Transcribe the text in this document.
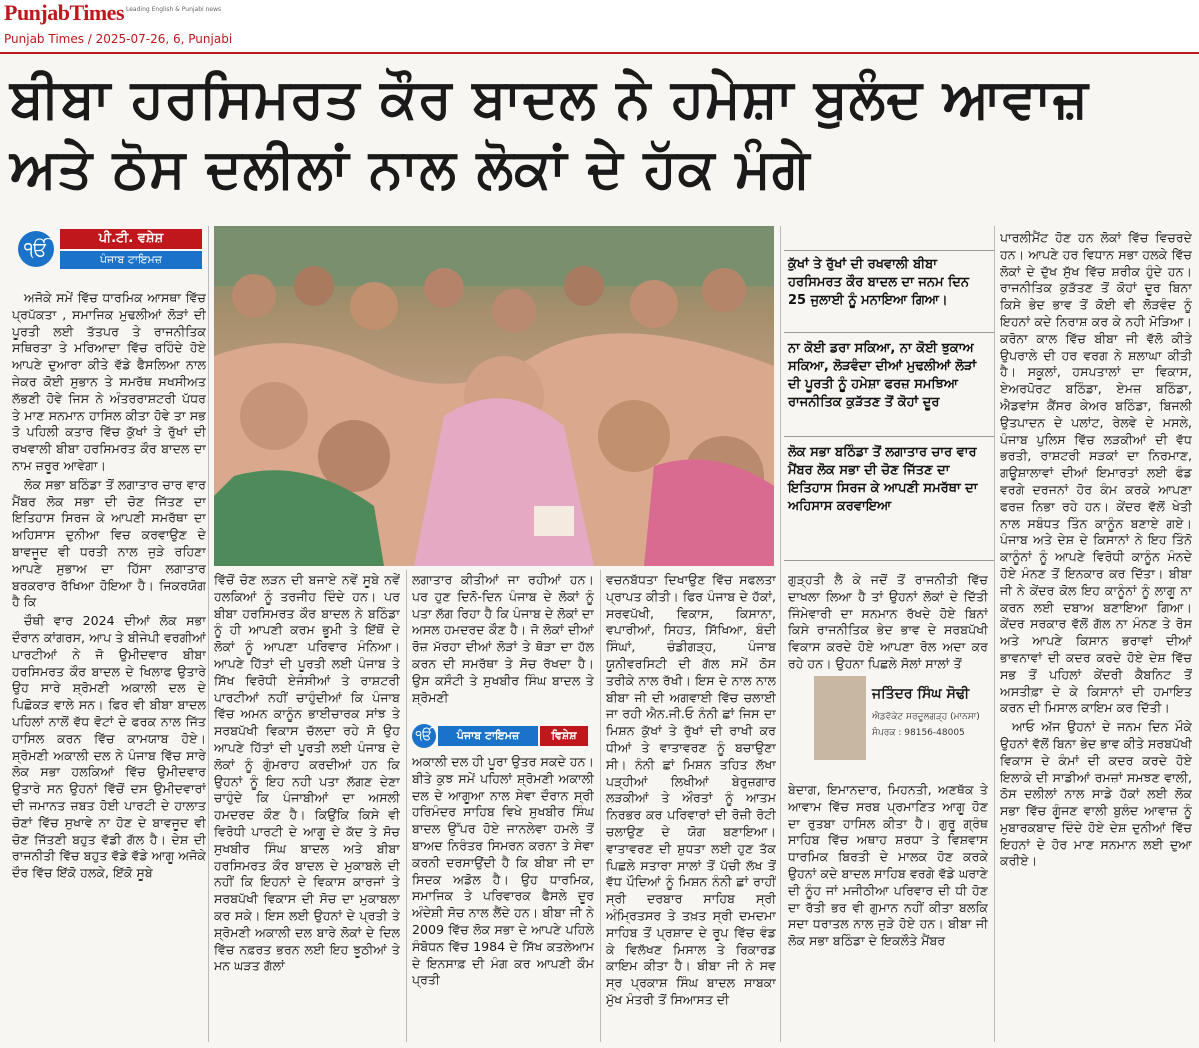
PunjabTimes Leading English & Punjabi news
Punjab Times / 2025-07-26, 6, Punjabi
ਬੀਬਾ ਹਰਸਿਮਰਤ ਕੌਰ ਬਾਦਲ ਨੇ ਹਮੇਸ਼ਾ ਬੁਲੰਦ ਆਵਾਜ਼ ਅਤੇ ਠੋਸ ਦਲੀਲਾਂ ਨਾਲ ਲੋਕਾਂ ਦੇ ਹੱਕ ਮੰਗੇ
ੴ	ਪੀ.ਟੀ. ਵਸ਼ੇਸ਼
ਪੰਜਾਬ ਟਾਇਮਜ਼

ਅਜੋਕੇ ਸਮੇਂ ਵਿੱਚ ਧਾਰਮਿਕ ਆਸਥਾ ਵਿੱਚ ਪ੍ਰਪੱਕਤਾ , ਸਮਾਜਿਕ ਮੁਢਲੀਆਂ ਲੋੜਾਂ ਦੀ ਪੂਰਤੀ ਲਈ ਤੱਤਪਰ ਤੇ ਰਾਜਨੀਤਿਕ ਸਥਿਰਤਾ ਤੇ ਮਰਿਆਦਾ ਵਿੱਚ ਰਹਿੰਦੇ ਹੋਏ ਆਪਣੇ ਦੁਆਰਾ ਕੀਤੇ ਵੱਡੇ ਫੈਸਲਿਆ ਨਾਲ ਜੇਕਰ ਕੋਈ ਸੁਭਾਨ ਤੇ ਸਮਰੱਥ ਸਖਸੀਅਤ ਲੱਭਣੀ ਹੋਵੇ ਜਿਸ ਨੇ ਅੰਤਰਰਾਸ਼ਟਰੀ ਪੱਧਰ ਤੇ ਮਾਣ ਸਨਮਾਨ ਹਾਸਿਲ ਕੀਤਾ ਹੋਵੇ ਤਾ ਸਭ ਤੋ ਪਹਿਲੀ ਕਤਾਰ ਵਿੱਚ ਕੁੱਖਾਂ ਤੇ ਰੁੱਖਾਂ ਦੀ ਰਖਵਾਲੀ ਬੀਬਾ ਹਰਸਿਮਰਤ ਕੌਰ ਬਾਦਲ ਦਾ ਨਾਮ ਜ਼ਰੂਰ ਆਵੇਗਾ।

ਲੋਕ ਸਭਾ ਬਠਿੰਡਾ ਤੋਂ ਲਗਾਤਾਰ ਚਾਰ ਵਾਰ ਮੈਂਬਰ ਲੋਕ ਸਭਾ ਦੀ ਚੋਣ ਜਿੱਤਣ ਦਾ ਇਤਿਹਾਸ ਸਿਰਜ ਕੇ ਆਪਣੀ ਸਮਰੱਥਾ ਦਾ ਅਹਿਸਾਸ ਦੁਨੀਆ ਵਿਚ ਕਰਵਾਉਣ ਦੇ ਬਾਵਜੂਦ ਵੀ ਧਰਤੀ ਨਾਲ ਜੁੜੇ ਰਹਿਣਾ ਆਪਣੇ ਸੁਭਾਅ ਦਾ ਹਿੱਸਾ ਲਗਾਤਾਰ ਬਰਕਰਾਰ ਰੱਖਿਆ ਹੋਇਆ ਹੈ। ਜਿਕਰਯੋਗ ਹੈ ਕਿ

ਚੌਥੀ ਵਾਰ 2024 ਦੀਆਂ ਲੋਕ ਸਭਾ ਦੌਰਾਨ ਕਾਂਗਰਸ, ਆਪ ਤੇ ਬੀਜੇਪੀ ਵਰਗੀਆਂ ਪਾਰਟੀਆਂ ਨੇ ਜੋ ਉਮੀਦਵਾਰ ਬੀਬਾ ਹਰਸਿਮਰਤ ਕੌਰ ਬਾਦਲ ਦੇ ਖਿਲਾਫ ਉਤਾਰੇ ਉਹ ਸਾਰੇ ਸ਼੍ਰੋਮਣੀ ਅਕਾਲੀ ਦਲ ਦੇ ਪਿਛੋਕੜ ਵਾਲੇ ਸਨ। ਫਿਰ ਵੀ ਬੀਬਾ ਬਾਦਲ ਪਹਿਲਾਂ ਨਾਲੋਂ ਵੱਧ ਵੋਟਾਂ ਦੇ ਫਰਕ ਨਾਲ ਜਿੱਤ ਹਾਸਿਲ ਕਰਨ ਵਿੱਚ ਕਾਮਯਾਬ ਹੋਏ। ਸ਼੍ਰੋਮਣੀ ਅਕਾਲੀ ਦਲ ਨੇ ਪੰਜਾਬ ਵਿੱਚ ਸਾਰੇ ਲੋਕ ਸਭਾ ਹਲਕਿਆਂ ਵਿੱਚ ਉਮੀਦਵਾਰ ਉਤਾਰੇ ਸਨ ਉਹਨਾਂ ਵਿੱਚੋਂ ਦਸ ਉਮੀਦਵਾਰਾਂ ਦੀ ਜਮਾਨਤ ਜ਼ਬਤ ਹੋਈ ਪਾਰਟੀ ਦੇ ਹਾਲਾਤ ਚੋਣਾਂ ਵਿੱਚ ਸੁਖਾਵੇ ਨਾ ਹੋਣ ਦੇ ਬਾਵਜੂਦ ਵੀ ਚੋਣ ਜਿੱਤਣੀ ਬਹੁਤ ਵੱਡੀ ਗੱਲ ਹੈ। ਦੇਸ਼ ਦੀ ਰਾਜਨੀਤੀ ਵਿੱਚ ਬਹੁਤ ਵੱਡੇ ਵੱਡੇ ਆਗੂ ਅਜੋਕੇ ਦੌਰ ਵਿੱਚ ਇੱਕੋ ਹਲਕੇ, ਇੱਕੋ ਸੂਬੇ

ਵਿੱਚੋਂ ਚੋਣ ਲੜਨ ਦੀ ਬਜਾਏ ਨਵੇਂ ਸੂਬੇ ਨਵੇਂ ਹਲਕਿਆਂ ਨੂੰ ਤਰਜੀਹ ਦਿੰਦੇ ਹਨ। ਪਰ ਬੀਬਾ ਹਰਸਿਮਰਤ ਕੌਰ ਬਾਦਲ ਨੇ ਬਠਿੰਡਾ ਨੂੰ ਹੀ ਆਪਣੀ ਕਰਮ ਭੂਮੀ ਤੇ ਇੱਥੋਂ ਦੇ ਲੋਕਾਂ ਨੂੰ ਆਪਣਾ ਪਰਿਵਾਰ ਮੰਨਿਆ। ਆਪਣੇ ਹਿੱਤਾਂ ਦੀ ਪੂਰਤੀ ਲਈ ਪੰਜਾਬ ਤੇ ਸਿੱਖ ਵਿਰੋਧੀ ਏਜੰਸੀਆਂ ਤੇ ਰਾਸ਼ਟਰੀ ਪਾਰਟੀਆਂ ਨਹੀਂ ਚਾਹੁੰਦੀਆਂ ਕਿ ਪੰਜਾਬ ਵਿੱਚ ਅਮਨ ਕਾਨੂੰਨ ਭਾਈਚਾਰਕ ਸਾਂਝ ਤੇ ਸਰਬਪੱਖੀ ਵਿਕਾਸ ਚੱਲਦਾ ਰਹੇ ਸੋ ਉਹ ਆਪਣੇ ਹਿੱਤਾਂ ਦੀ ਪੂਰਤੀ ਲਈ ਪੰਜਾਬ ਦੇ ਲੋਕਾਂ ਨੂੰ ਗੁੰਮਰਾਹ ਕਰਦੀਆਂ ਹਨ ਕਿ ਉਹਨਾਂ ਨੂੰ ਇਹ ਨਹੀ ਪਤਾ ਲੱਗਣ ਦੇਣਾ ਚਾਹੁੰਦੇ ਕਿ ਪੰਜਾਬੀਆਂ ਦਾ ਅਸਲੀ ਹਮਦਰਦ ਕੌਣ ਹੈ। ਕਿਉਂਕਿ ਕਿਸੇ ਵੀ ਵਿਰੋਧੀ ਪਾਰਟੀ ਦੇ ਆਗੂ ਦੇ ਕੱਦ ਤੇ ਸੋਚ ਸੁਖਬੀਰ ਸਿੰਘ ਬਾਦਲ ਅਤੇ ਬੀਬਾ ਹਰਸਿਮਰਤ ਕੌਰ ਬਾਦਲ ਦੇ ਮੁਕਾਬਲੇ ਦੀ ਨਹੀਂ ਕਿ ਇਹਨਾਂ ਦੇ ਵਿਕਾਸ ਕਾਰਜਾਂ ਤੇ ਸਰਬਪੱਖੀ ਵਿਕਾਸ ਦੀ ਸੋਚ ਦਾ ਮੁਕਾਬਲਾ ਕਰ ਸਕੇ। ਇਸ ਲਈ ਉਹਨਾਂ ਦੇ ਪ੍ਰਤੀ ਤੇ ਸ਼੍ਰੋਮਣੀ ਅਕਾਲੀ ਦਲ ਬਾਰੇ ਲੋਕਾਂ ਦੇ ਦਿਲ ਵਿੱਚ ਨਫ਼ਰਤ ਭਰਨ ਲਈ ਇਹ ਝੂਠੀਆਂ ਤੇ ਮਨ ਘੜਤ ਗੱਲਾਂ

ਲਗਾਤਾਰ ਕੀਤੀਆਂ ਜਾ ਰਹੀਆਂ ਹਨ। ਪਰ ਹੁਣ ਦਿਨੋ-ਦਿਨ ਪੰਜਾਬ ਦੇ ਲੋਕਾਂ ਨੂੰ ਪਤਾ ਲੱਗ ਰਿਹਾ ਹੈ ਕਿ ਪੰਜਾਬ ਦੇ ਲੋਕਾਂ ਦਾ ਅਸਲ ਹਮਦਰਦ ਕੌਣ ਹੈ। ਜੋ ਲੋਕਾਂ ਦੀਆਂ ਰੋਜ਼ ਮੱਰਹਾ ਦੀਆਂ ਲੋੜਾਂ ਤੇ ਥੋੜਾ ਦਾ ਹੱਲ ਕਰਨ ਦੀ ਸਮਰੱਥਾ ਤੇ ਸੋਚ ਰੱਖਦਾ ਹੈ। ਉਸ ਕਸੌਟੀ ਤੇ ਸੁਖਬੀਰ ਸਿੰਘ ਬਾਦਲ ਤੇ ਸ਼੍ਰੋਮਣੀ

ੴ	ਪੰਜਾਬ ਟਾਇਮਜ਼	ਵਿਸ਼ੇਸ਼

ਅਕਾਲੀ ਦਲ ਹੀ ਪੂਰਾ ਉਤਰ ਸਕਦੇ ਹਨ। ਬੀਤੇ ਕੁਝ ਸਮੇਂ ਪਹਿਲਾਂ ਸ਼੍ਰੋਮਣੀ ਅਕਾਲੀ ਦਲ ਦੇ ਆਗੂਆ ਨਾਲ ਸੇਵਾ ਦੌਰਾਨ ਸ੍ਰੀ ਹਰਿਮੰਦਰ ਸਾਹਿਬ ਵਿਖੇ ਸੁਖਬੀਰ ਸਿੰਘ ਬਾਦਲ ਉੱਪਰ ਹੋਏ ਜਾਨਲੇਵਾ ਹਮਲੇ ਤੋਂ ਬਾਅਦ ਨਿਰੰਤਰ ਸਿਮਰਨ ਕਰਨਾ ਤੇ ਸੇਵਾ ਕਰਨੀ ਦਰਸਾਉਂਦੀ ਹੈ ਕਿ ਬੀਬਾ ਜੀ ਦਾ ਸਿਦਕ ਅਡੋਲ ਹੈ। ਉਹ ਧਾਰਮਿਕ, ਸਮਾਜਿਕ ਤੇ ਪਰਿਵਾਰਕ ਫੈਸਲੇ ਦੂਰ ਅੰਦੇਸ਼ੀ ਸੋਚ ਨਾਲ ਲੈਂਦੇ ਹਨ। ਬੀਬਾ ਜੀ ਨੇ 2009 ਵਿੱਚ ਲੋਕ ਸਭਾ ਦੇ ਆਪਣੇ ਪਹਿਲੇ ਸੰਬੋਧਨ ਵਿੱਚ 1984 ਦੇ ਸਿੱਖ ਕਤਲੇਆਮ ਦੇ ਇਨਸਾਫ਼ ਦੀ ਮੰਗ ਕਰ ਆਪਣੀ ਕੌਮ ਪ੍ਰਤੀ

ਵਚਨਬੱਧਤਾ ਦਿਖਾਉਣ ਵਿੱਚ ਸਫਲਤਾ ਪ੍ਰਾਪਤ ਕੀਤੀ। ਫਿਰ ਪੰਜਾਬ ਦੇ ਹੱਕਾਂ, ਸਰਵਪੱਖੀ, ਵਿਕਾਸ, ਕਿਸਾਨਾ, ਵਪਾਰੀਆਂ, ਸਿਹਤ, ਸਿੱਖਿਆ, ਬੰਦੀ ਸਿੰਘਾਂ, ਚੰਡੀਗੜ੍ਹ, ਪੰਜਾਬ ਯੂਨੀਵਰਸਿਟੀ ਦੀ ਗੱਲ ਸਮੇਂ ਠੋਸ ਤਰੀਕੇ ਨਾਲ ਰੱਖੀ। ਇਸ ਦੇ ਨਾਲ ਨਾਲ ਬੀਬਾ ਜੀ ਦੀ ਅਗਵਾਈ ਵਿੱਚ ਚਲਾਈ ਜਾ ਰਹੀ ਐਨ.ਜੀ.ਓ ਨੰਨੀ ਛਾਂ ਜਿਸ ਦਾ ਮਿਸ਼ਨ ਕੁੱਖਾਂ ਤੇ ਰੁੱਖਾਂ ਦੀ ਰਾਖੀ ਕਰ ਧੀਆਂ ਤੇ ਵਾਤਾਵਰਣ ਨੂੰ ਬਚਾਉਣਾ ਸੀ। ਨੰਨੀ ਛਾਂ ਮਿਸ਼ਨ ਤਹਿਤ ਲੱਖਾ ਪੜ੍ਹੀਆਂ ਲਿਖੀਆਂ ਬੇਰੁਜ਼ਗਾਰ ਲੜਕੀਆਂ ਤੇ ਔਰਤਾਂ ਨੂੰ ਆਤਮ ਨਿਰਭਰ ਕਰ ਪਰਿਵਾਰਾਂ ਦੀ ਰੋਜ਼ੀ ਰੋਟੀ ਚਲਾਉਣ ਦੇ ਯੋਗ ਬਣਾਇਆ। ਵਾਤਾਵਰਣ ਦੀ ਸ਼ੁਧਤਾ ਲਈ ਹੁਣ ਤੱਕ ਪਿਛਲੇ ਸਤਾਰਾ ਸਾਲਾਂ ਤੋਂ ਪੱਚੀ ਲੱਖ ਤੋਂ ਵੱਧ ਪੌਦਿਆਂ ਨੂੰ ਮਿਸ਼ਨ ਨੰਨੀ ਛਾਂ ਰਾਹੀਂ ਸ੍ਰੀ ਦਰਬਾਰ ਸਾਹਿਬ ਸ੍ਰੀ ਅੰਮ੍ਰਿਤਸਰ ਤੇ ਤਖ਼ਤ ਸ੍ਰੀ ਦਮਦਮਾ ਸਾਹਿਬ ਤੋਂ ਪ੍ਰਸ਼ਾਦ ਦੇ ਰੂਪ ਵਿੱਚ ਵੰਡ ਕੇ ਵਿਲੱਖਣ ਮਿਸਾਲ ਤੇ ਰਿਕਾਰਡ ਕਾਇਮ ਕੀਤਾ ਹੈ। ਬੀਬਾ ਜੀ ਨੇ ਸਵ ਸ੍ਰ ਪ੍ਰਕਾਸ਼ ਸਿੰਘ ਬਾਦਲ ਸਾਬਕਾ ਮੁੱਖ ਮੰਤਰੀ ਤੋਂ ਸਿਆਸਤ ਦੀ

ਕੁੱਖਾਂ ਤੇ ਰੁੱਖਾਂ ਦੀ ਰਖਵਾਲੀ ਬੀਬਾ ਹਰਸਿਮਰਤ ਕੌਰ ਬਾਦਲ ਦਾ ਜਨਮ ਦਿਨ 25 ਜੁਲਾਈ ਨੂੰ ਮਨਾਇਆ ਗਿਆ।
ਨਾ ਕੋਈ ਡਰਾ ਸਕਿਆ, ਨਾ ਕੋਈ ਝੁਕਾਅ ਸਕਿਆ, ਲੋੜਵੰਦਾ ਦੀਆਂ ਮੁਢਲੀਆਂ ਲੋੜਾਂ ਦੀ ਪੂਰਤੀ ਨੂੰ ਹਮੇਸ਼ਾ ਫਰਜ਼ ਸਮਝਿਆ ਰਾਜਨੀਤਿਕ ਕੁੜੱਤਣ ਤੋਂ ਕੋਹਾਂ ਦੂਰ
ਲੋਕ ਸਭਾ ਬਠਿੰਡਾ ਤੋਂ ਲਗਾਤਾਰ ਚਾਰ ਵਾਰ ਮੈਂਬਰ ਲੋਕ ਸਭਾ ਦੀ ਚੋਣ ਜਿੱਤਣ ਦਾ ਇਤਿਹਾਸ ਸਿਰਜ ਕੇ ਆਪਣੀ ਸਮਰੱਥਾ ਦਾ ਅਹਿਸਾਸ ਕਰਵਾਇਆ

ਗੁੜ੍ਹਤੀ ਲੈ ਕੇ ਜਦੋਂ ਤੋਂ ਰਾਜਨੀਤੀ ਵਿੱਚ ਦਾਖਲਾ ਲਿਆ ਹੈ ਤਾਂ ਉਹਨਾਂ ਲੋਕਾਂ ਦੇ ਦਿੱਤੀ ਜਿੰਮੇਵਾਰੀ ਦਾ ਸਨਮਾਨ ਰੱਖਦੇ ਹੋਏ ਬਿਨਾਂ ਕਿਸੇ ਰਾਜਨੀਤਿਕ ਭੇਦ ਭਾਵ ਦੇ ਸਰਬਪੱਖੀ ਵਿਕਾਸ ਕਰਦੇ ਹੋਏ ਆਪਣਾ ਰੋਲ ਅਦਾ ਕਰ ਰਹੇ ਹਨ। ਉਹਨਾ ਪਿਛਲੇ ਸੋਲਾਂ ਸਾਲਾਂ ਤੋਂ

ਜਤਿੰਦਰ ਸਿੰਘ ਸੋਢੀ
ਐਡਵੋਕੇਟ ਸਰਦੂਲਗੜ੍ਹ (ਮਾਨਸਾ)
ਸੰਪਰਕ : 98156-48005

ਬੇਦਾਗ, ਇਮਾਨਦਾਰ, ਮਿਹਨਤੀ, ਅਣਥੱਕ ਤੇ ਆਵਾਮ ਵਿੱਚ ਸਰਬ ਪ੍ਰਮਾਣਿਤ ਆਗੂ ਹੋਣ ਦਾ ਰੁਤਬਾ ਹਾਸਿਲ ਕੀਤਾ ਹੈ। ਗੁਰੂ ਗ੍ਰੰਥ ਸਾਹਿਬ ਵਿੱਚ ਅਥਾਹ ਸ਼ਰਧਾ ਤੇ ਵਿਸ਼ਵਾਸ ਧਾਰਮਿਕ ਬਿਰਤੀ ਦੇ ਮਾਲਕ ਹੋਣ ਕਰਕੇ ਉਹਨਾਂ ਕਦੇ ਬਾਦਲ ਸਾਹਿਬ ਵਰਗੇ ਵੱਡੇ ਘਰਾਣੇ ਦੀ ਨੂੰਹ ਜਾਂ ਮਜੀਠੀਆ ਪਰਿਵਾਰ ਦੀ ਧੀ ਹੋਣ ਦਾ ਰੱਤੀ ਭਰ ਵੀ ਗੁਮਾਨ ਨਹੀਂ ਕੀਤਾ ਬਲਕਿ ਸਦਾ ਧਰਾਤਲ ਨਾਲ ਜੁੜੇ ਹੋਏ ਹਨ। ਬੀਬਾ ਜੀ ਲੋਕ ਸਭਾ ਬਠਿੰਡਾ ਦੇ ਇਕਲੌਤੇ ਮੈਂਬਰ

ਪਾਰਲੀਮੈਂਟ ਹੋਣ ਹਨ ਲੋਕਾਂ ਵਿੱਚ ਵਿਚਰਦੇ ਹਨ। ਆਪਣੇ ਹਰ ਵਿਧਾਨ ਸਭਾ ਹਲਕੇ ਵਿੱਚ ਲੋਕਾਂ ਦੇ ਦੁੱਖ ਸੁੱਖ ਵਿੱਚ ਸ਼ਰੀਕ ਹੁੰਦੇ ਹਨ। ਰਾਜਨੀਤਿਕ ਕੁੜੱਤਣ ਤੋਂ ਕੋਹਾਂ ਦੂਰ ਬਿਨਾ ਕਿਸੇ ਭੇਦ ਭਾਵ ਤੋਂ ਕੋਈ ਵੀ ਲੋੜਵੰਦ ਨੂੰ ਇਹਨਾਂ ਕਦੇ ਨਿਰਾਸ਼ ਕਰ ਕੇ ਨਹੀ ਮੋੜਿਆ। ਕਰੋਨਾ ਕਾਲ ਵਿੱਚ ਬੀਬਾ ਜੀ ਵੱਲੋ ਕੀਤੇ ਉਪਰਾਲੇ ਦੀ ਹਰ ਵਰਗ ਨੇ ਸ਼ਲਾਘਾ ਕੀਤੀ ਹੈ। ਸਕੂਲਾਂ, ਹਸਪਤਾਲਾਂ ਦਾ ਵਿਕਾਸ, ਏਅਰਪੋਰਟ ਬਠਿੰਡਾ, ਏਮਜ਼ ਬਠਿੰਡਾ, ਐਡਵਾਂਸ ਕੈਂਸਰ ਕੇਅਰ ਬਠਿੰਡਾ, ਬਿਜਲੀ ਉਤਪਾਦਨ ਦੇ ਪਲਾਂਟ, ਰੇਲਵੇ ਦੇ ਮਸਲੇ, ਪੰਜਾਬ ਪੁਲਿਸ ਵਿੱਚ ਲੜਕੀਆਂ ਦੀ ਵੱਧ ਭਰਤੀ, ਰਾਸ਼ਟਰੀ ਸੜਕਾਂ ਦਾ ਨਿਰਮਾਣ, ਗਊਸ਼ਾਲਾਵਾਂ ਦੀਆਂ ਇਮਾਰਤਾਂ ਲਈ ਫੰਡ ਵਰਗੇ ਦਰਜਨਾਂ ਹੋਰ ਕੰਮ ਕਰਕੇ ਆਪਣਾ ਫਰਜ਼ ਨਿਭਾ ਰਹੇ ਹਨ। ਕੇਂਦਰ ਵੱਲੋਂ ਖੇਤੀ ਨਾਲ ਸਬੰਧਤ ਤਿੰਨ ਕਾਨੂੰਨ ਬਣਾਏ ਗਏ। ਪੰਜਾਬ ਅਤੇ ਦੇਸ਼ ਦੇ ਕਿਸਾਨਾਂ ਨੇ ਇਹ ਤਿੰਨੋ ਕਾਨੂੰਨਾਂ ਨੂੰ ਆਪਣੇ ਵਿਰੋਧੀ ਕਾਨੂੰਨ ਮੰਨਦੇ ਹੋਏ ਮੰਨਣ ਤੋਂ ਇਨਕਾਰ ਕਰ ਦਿੱਤਾ। ਬੀਬਾ ਜੀ ਨੇ ਕੇਂਦਰ ਕੋਲ ਇਹ ਕਾਨੂੰਨਾਂ ਨੂੰ ਲਾਗੂ ਨਾ ਕਰਨ ਲਈ ਦਬਾਅ ਬਣਾਇਆ ਗਿਆ। ਕੇਂਦਰ ਸਰਕਾਰ ਵੱਲੋਂ ਗੱਲ ਨਾ ਮੰਨਣ ਤੇ ਰੋਸ ਅਤੇ ਆਪਣੇ ਕਿਸਾਨ ਭਰਾਵਾਂ ਦੀਆਂ ਭਾਵਨਾਵਾਂ ਦੀ ਕਦਰ ਕਰਦੇ ਹੋਏ ਦੇਸ਼ ਵਿੱਚ ਸਭ ਤੋਂ ਪਹਿਲਾਂ ਕੇਂਦਰੀ ਕੈਬਨਿਟ ਤੋਂ ਅਸਤੀਫ਼ਾ ਦੇ ਕੇ ਕਿਸਾਨਾਂ ਦੀ ਹਮਾਇਤ ਕਰਨ ਦੀ ਮਿਸਾਲ ਕਾਇਮ ਕਰ ਦਿੱਤੀ।

ਆਓ ਅੱਜ ਉਹਨਾਂ ਦੇ ਜਨਮ ਦਿਨ ਮੌਕੇ ਉਹਨਾਂ ਵੱਲੋਂ ਬਿਨਾ ਭੇਦ ਭਾਵ ਕੀਤੇ ਸਰਬਪੱਖੀ ਵਿਕਾਸ ਦੇ ਕੰਮਾਂ ਦੀ ਕਦਰ ਕਰਦੇ ਹੋਏ ਇਲਾਕੇ ਦੀ ਸਾਡੀਆਂ ਰਮਜ਼ਾਂ ਸਮਝਣ ਵਾਲੀ, ਠੋਸ ਦਲੀਲਾਂ ਨਾਲ ਸਾਡੇ ਹੱਕਾਂ ਲਈ ਲੋਕ ਸਭਾ ਵਿੱਚ ਗੂੰਜਣ ਵਾਲੀ ਬੁਲੰਦ ਆਵਾਜ਼ ਨੂੰ ਮੁਬਾਰਕਬਾਦ ਦਿੰਦੇ ਹੋਏ ਦੇਸ਼ ਦੁਨੀਆਂ ਵਿੱਚ ਇਹਨਾਂ ਦੇ ਹੋਰ ਮਾਣ ਸਨਮਾਨ ਲਈ ਦੁਆ ਕਰੀਏ।
